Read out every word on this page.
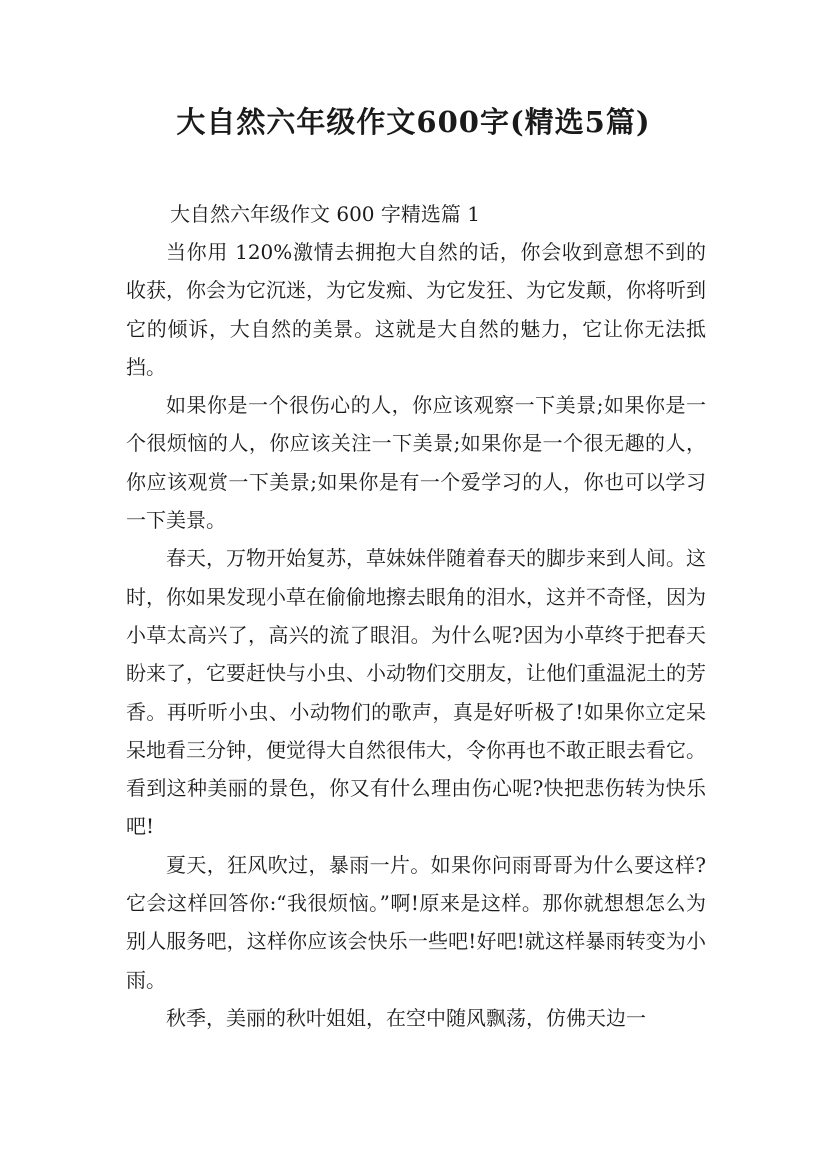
大自然六年级作文600字(精选5篇)
大自然六年级作文 600 字精选篇 1

当你用 120%激情去拥抱大自然的话，你会收到意想不到的收获，你会为它沉迷，为它发痴、为它发狂、为它发颠，你将听到它的倾诉，大自然的美景。这就是大自然的魅力，它让你无法抵挡。

如果你是一个很伤心的人，你应该观察一下美景;如果你是一个很烦恼的人，你应该关注一下美景;如果你是一个很无趣的人，你应该观赏一下美景;如果你是有一个爱学习的人，你也可以学习一下美景。

春天，万物开始复苏，草妹妹伴随着春天的脚步来到人间。这时，你如果发现小草在偷偷地擦去眼角的泪水，这并不奇怪，因为小草太高兴了，高兴的流了眼泪。为什么呢?因为小草终于把春天盼来了，它要赶快与小虫、小动物们交朋友，让他们重温泥土的芳香。再听听小虫、小动物们的歌声，真是好听极了!如果你立定呆呆地看三分钟，便觉得大自然很伟大，令你再也不敢正眼去看它。看到这种美丽的景色，你又有什么理由伤心呢?快把悲伤转为快乐吧!

夏天，狂风吹过，暴雨一片。如果你问雨哥哥为什么要这样?它会这样回答你:“我很烦恼。”啊!原来是这样。那你就想想怎么为别人服务吧，这样你应该会快乐一些吧!好吧!就这样暴雨转变为小雨。

秋季，美丽的秋叶姐姐，在空中随风飘荡，仿佛天边一
